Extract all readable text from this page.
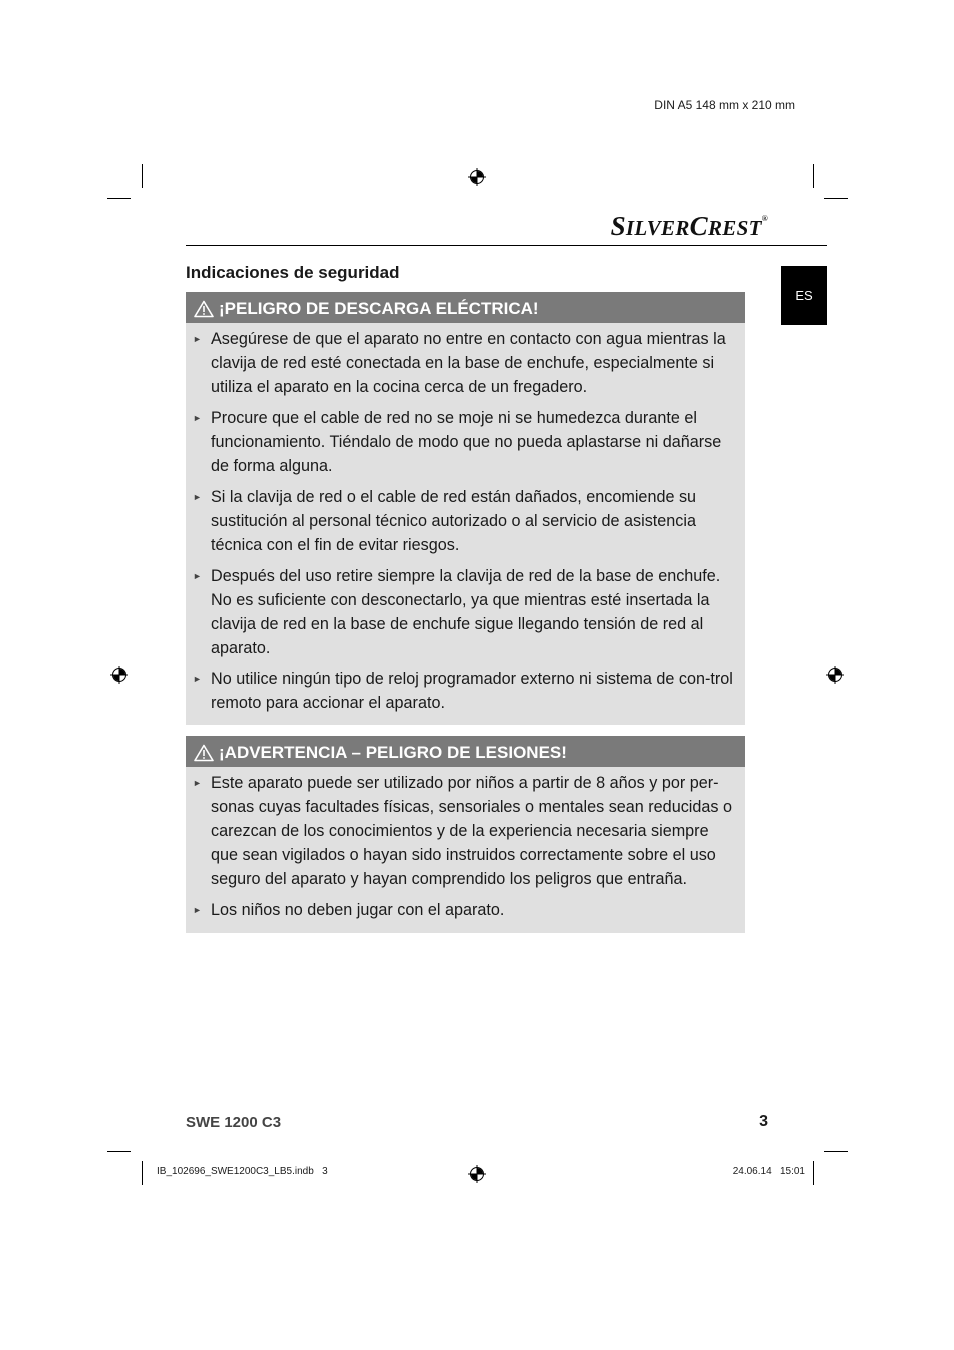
DIN A5 148 mm x 210 mm
SILVERCREST®
ES
Indicaciones de seguridad
¡PELIGRO DE DESCARGA ELÉCTRICA!
► Asegúrese de que el aparato no entre en contacto con agua mientras la clavija de red esté conectada en la base de enchufe, especialmente si utiliza el aparato en la cocina cerca de un fregadero.
► Procure que el cable de red no se moje ni se humedezca durante el funcionamiento. Tiéndalo de modo que no pueda aplastarse ni dañarse de forma alguna.
► Si la clavija de red o el cable de red están dañados, encomiende su sustitución al personal técnico autorizado o al servicio de asistencia técnica con el fin de evitar riesgos.
► Después del uso retire siempre la clavija de red de la base de enchufe. No es suficiente con desconectarlo, ya que mientras esté insertada la clavija de red en la base de enchufe sigue llegando tensión de red al aparato.
► No utilice ningún tipo de reloj programador externo ni sistema de con-trol remoto para accionar el aparato.
¡ADVERTENCIA – PELIGRO DE LESIONES!
► Este aparato puede ser utilizado por niños a partir de 8 años y por per-sonas cuyas facultades físicas, sensoriales o mentales sean reducidas o carezcan de los conocimientos y de la experiencia necesaria siempre que sean vigilados o hayan sido instruidos correctamente sobre el uso seguro del aparato y hayan comprendido los peligros que entraña.
► Los niños no deben jugar con el aparato.
SWE 1200 C3	3
IB_102696_SWE1200C3_LB5.indb   3	24.06.14   15:01
